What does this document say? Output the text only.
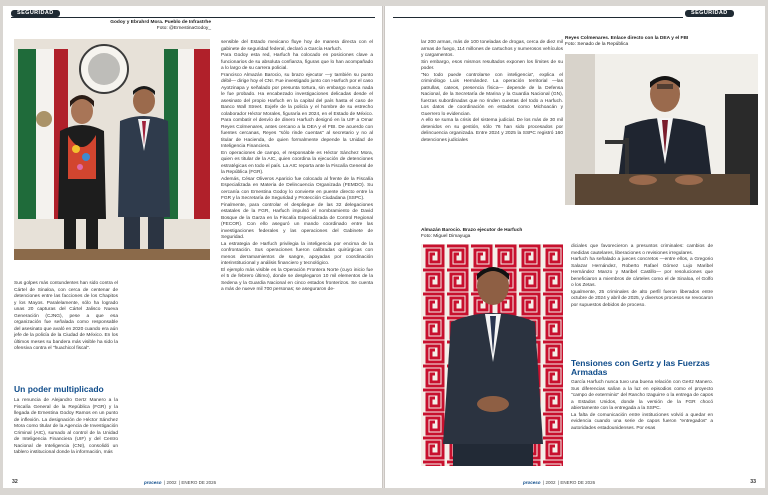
SEGURIDAD
Godoy y Ebrahrd Mora. Pueblo de Infrastrhe
Foto: @ErnestinaGodoy_

Sus golpes más contundentes han sido contra el Cártel de Sinaloa, con cerca de centenar de detenciones entre las facciones de los Chapitos y los Mayos. Paralelamente, sólo ha logrado unas 20 capturas del Cártel Jalisco Nueva Generación (CJNG), pese a que esa organización fue señalada como responsable del asesinato que avaló en 2020 cuando era aún jefe de la policía de la Ciudad de México. En los últimos meses su bandera más visible ha sido la ofensiva contra el "huachicol fiscal".

Un poder multiplicado

La renuncia de Alejandro Gertz Manero a la Fiscalía General de la República (FGR) y la llegada de Ernestina Godoy Ramos en un punto de inflexión. La designación de Héctor Sánchez Mora como titular de la Agencia de Investigación Criminal (AIC), sumado al control de la Unidad de Inteligencia Financiera (UIF) y del Centro Nacional de Inteligencia (CNI), consolidó un tablero institucional donde la información, más

sensible del Estado mexicano fluye hoy de manera directa con el gabinete de seguridad federal, declaró a García Harfuch.
Para Godoy esta red, Harfuch ha colocado en posiciones clave a funcionarios de su absoluta confianza, figuras que lo han acompañado a lo largo de su carrera policial.
Francisco Almazán Barocio, su brazo ejecutor —y también su punto débil— dirige hoy el CNI. Fue investigado junto con Harfuch por el caso Ayotzinapa y señalado por presunta tortura, sin embargo nunca nada le fue probado. Ha encabezado investigaciones delicadas desde el asesinato del propio Harfuch en la capital del país hasta el caso de Banco Wall Street. Exjefe de la policía y el hombre de su estrecho colaborador Héctor Morales, figuraría en 2024, en el Estado de México.
Para combatir el desvío de dinero Harfuch designó en la UIF a Omar Reyes Colmenares, antes cercano a la DEA y el FBI. De acuerdo con fuentes cercanas, Reyes "sólo rinde cuentas" al secretario y no al titular de Hacienda, de quien formalmente depende la Unidad de Inteligencia Financiera.
En operaciones de campo, el responsable es Héctor Sánchez Mora, quien es titular de la AIC, quien coordina la ejecución de detenciones estratégicas en todo el país. La AIC reporta ante la Fiscalía General de la República (FGR).
Además, César Oliveros Aparicio fue colocado al frente de la Fiscalía Especializada en Materia de Delincuencia Organizada (FEMDO). Su cercanía con Ernestina Godoy lo convierte en puente directo entre la FGR y la Secretaría de Seguridad y Protección Ciudadana (SSPC).
Finalmente, para controlar el despliegue de las 32 delegaciones estatales de la FGR, Harfuch impulsó el nombramiento de David Bosque de la Garza en la Fiscalía Especializada de Control Regional (FECOR). Con ello aseguró un mando coordinado entre las investigaciones federales y las operaciones del Gabinete de Seguridad.
La estrategia de Harfuch privilegia la inteligencia por encima de la confrontación. Sus operaciones fueron calibradas quirúrgicas con menos derramamientos de sangre, apoyadas por coordinación interinstitucional y análisis financiero y tecnológico.
El ejemplo más visible es la Operación Frontera Norte (cuyo inicio fue el 5 de febrero último), donde se desplegaron 10 mil elementos de la Sedena y la Guardia Nacional en cinco estados fronterizos. Se cuenta a más de nueve mil 700 personas; se aseguraron de-
32	proceso  | 2002  | ENERO DE 2026
SEGURIDAD
lar 200 armas, más de 100 toneladas de drogas, cerca de diez mil armas de fuego, 114 millones de cartuchos y numerosos vehículos y cargamentos.
Sin embargo, esos mismos resultados exponen los límites de su poder.
"No todo puede controlarse con inteligencia", explica el criminólogo Luis Hernández. La operación territorial —las patrullas, cateos, presencia física— depende de la Defensa Nacional, de la Secretaría de Marina y la Guardia Nacional (GN), fuerzas subordinadas que no rinden cuentas del todo a Harfuch. Los datos de coordinación en estados como Michoacán y Guerrero lo evidencian.
A ello se suma la crisis del sistema judicial. De los más de 30 mil detenidos en su gestión, sólo 76 han sido procesados por delincuencia organizada. Entre 2024 y 2025 la SSPC registró 160 detenciones judiciales
Reyes Colmenares. Enlace directo con la DEA y el FBI
Foto: Senado de la República
Almazán Barocio. Brazo ejecutor de Harfuch
Foto: Miguel Dimayuga
diciales que favorecieron a presuntos criminales: cambios de medidas cautelares, liberaciones o revisiones irregulares.
Harfuch ha señalado a jueces concretos —entre ellos, a Gregorio Salazar Hernández, Roberto Rafael Gómez Lujo Maribel Hernández Manzo y Maribel Castillo— por resoluciones que beneficiaron a miembros de cárteles como el de Sinaloa, el Golfo o los Zetas.
Igualmente, 25 criminales de alto perfil fueron liberados entre octubre de 2024 y abril de 2025, y diversos procesos se revocaron por supuestos debidos de proceso.
Tensiones con Gertz y las Fuerzas Armadas
García Harfuch nunca tuvo una buena relación con Gertz Manero. Sus diferencias salían a la luz en episodios como el proyecto "campo de exterminio" del Rancho Izaguirre o la entrega de capos a Estados Unidos, donde la versión de la FGR chocó abiertamente con la entregada a la SSPC.
La falta de comunicación entre instituciones volvió a quedar en evidencia cuando una serie de capos fueron "entregados" a autoridades estadounidenses. Por esas
proceso  | 2002  | ENERO DE 2026	33
